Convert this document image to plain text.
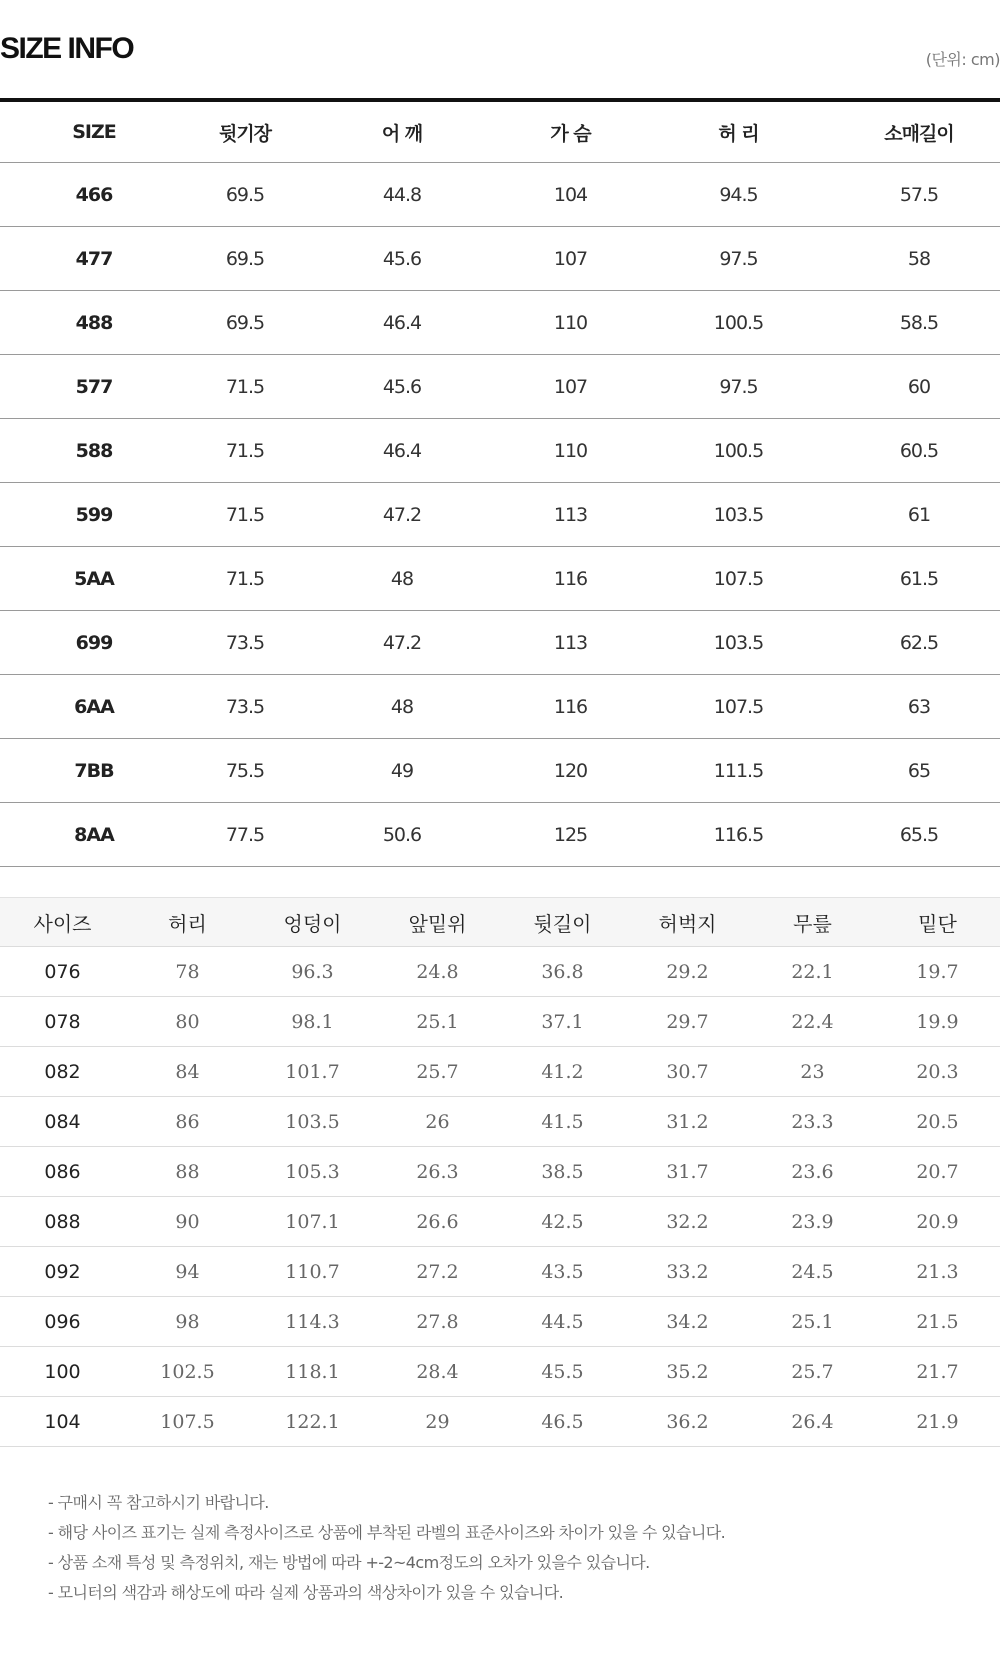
SIZE INFO	(단위: cm)
SIZE	뒷기장	어 깨	가 슴	허 리	소매길이
466	69.5	44.8	104	94.5	57.5
477	69.5	45.6	107	97.5	58
488	69.5	46.4	110	100.5	58.5
577	71.5	45.6	107	97.5	60
588	71.5	46.4	110	100.5	60.5
599	71.5	47.2	113	103.5	61
5AA	71.5	48	116	107.5	61.5
699	73.5	47.2	113	103.5	62.5
6AA	73.5	48	116	107.5	63
7BB	75.5	49	120	111.5	65
8AA	77.5	50.6	125	116.5	65.5
사이즈	허리	엉덩이	앞밑위	뒷길이	허벅지	무릎	밑단
076	78	96.3	24.8	36.8	29.2	22.1	19.7
078	80	98.1	25.1	37.1	29.7	22.4	19.9
082	84	101.7	25.7	41.2	30.7	23	20.3
084	86	103.5	26	41.5	31.2	23.3	20.5
086	88	105.3	26.3	38.5	31.7	23.6	20.7
088	90	107.1	26.6	42.5	32.2	23.9	20.9
092	94	110.7	27.2	43.5	33.2	24.5	21.3
096	98	114.3	27.8	44.5	34.2	25.1	21.5
100	102.5	118.1	28.4	45.5	35.2	25.7	21.7
104	107.5	122.1	29	46.5	36.2	26.4	21.9
- 구매시 꼭 참고하시기 바랍니다.
- 해당 사이즈 표기는 실제 측정사이즈로 상품에 부착된 라벨의 표준사이즈와 차이가 있을 수 있습니다.
- 상품 소재 특성 및 측정위치, 재는 방법에 따라 +-2~4cm정도의 오차가 있을수 있습니다.
- 모니터의 색감과 해상도에 따라 실제 상품과의 색상차이가 있을 수 있습니다.
